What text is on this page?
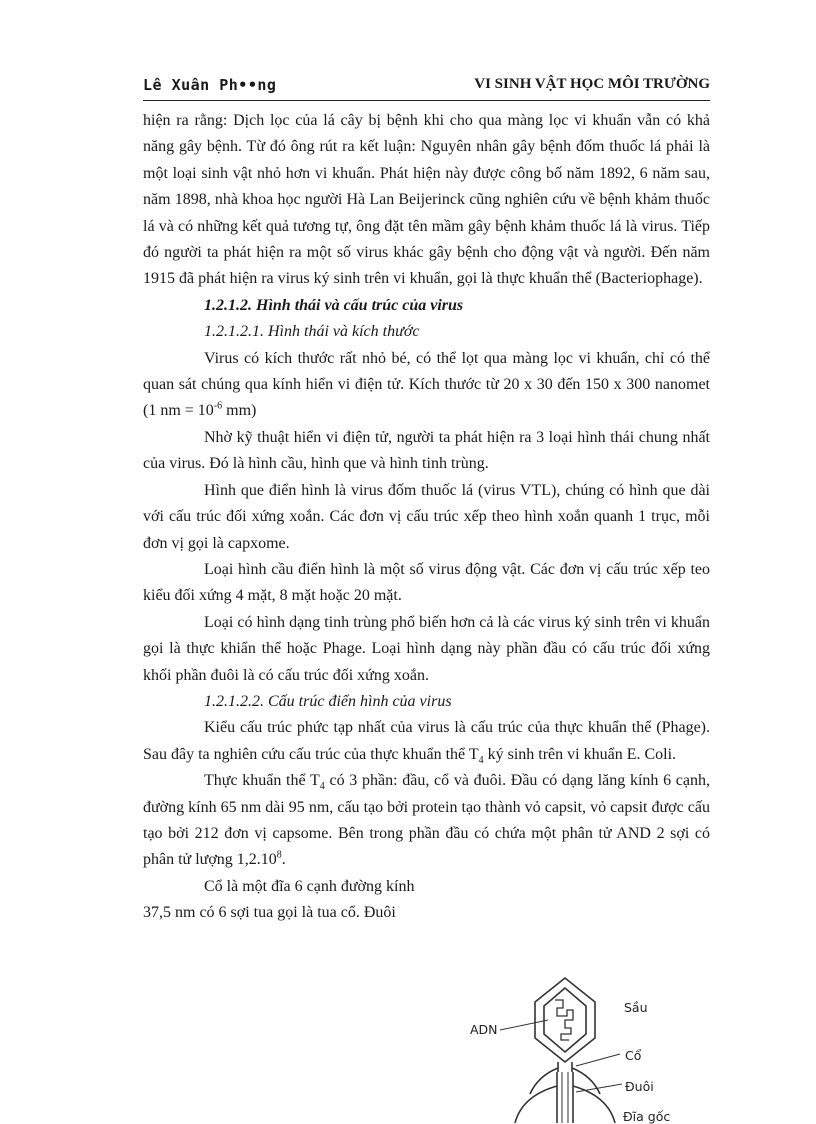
Lê Xuân Ph••ng	VI SINH VẬT HỌC MÔI TRƯỜNG

hiện ra rằng: Dịch lọc của lá cây bị bệnh khi cho qua màng lọc vi khuẩn vẫn có khả năng gây bệnh. Từ đó ông rút ra kết luận: Nguyên nhân gây bệnh đốm thuốc lá phải là một loại sinh vật nhỏ hơn vi khuẩn. Phát hiện này được công bố năm 1892, 6 năm sau, năm 1898, nhà khoa học người Hà Lan Beijerinck cũng nghiên cứu về bệnh khảm thuốc lá và có những kết quả tương tự, ông đặt tên mầm gây bệnh khảm thuốc lá là virus. Tiếp đó người ta phát hiện ra một số virus khác gây bệnh cho động vật và người. Đến năm 1915 đã phát hiện ra virus ký sinh trên vi khuẩn, gọi là thực khuẩn thể (Bacteriophage).

1.2.1.2. Hình thái và cấu trúc của virus

1.2.1.2.1. Hình thái và kích thước

Virus có kích thước rất nhỏ bé, có thể lọt qua màng lọc vi khuẩn, chỉ có thể quan sát chúng qua kính hiển vi điện tử. Kích thước từ 20 x 30 đến 150 x 300 nanomet (1 nm = $10^{-6}$ mm)

Nhờ kỹ thuật hiển vi điện tử, người ta phát hiện ra 3 loại hình thái chung nhất của virus. Đó là hình cầu, hình que và hình tinh trùng.

Hình que điển hình là virus đốm thuốc lá (virus VTL), chúng có hình que dài với cấu trúc đối xứng xoắn. Các đơn vị cấu trúc xếp theo hình xoắn quanh 1 trục, mỗi đơn vị gọi là capxome.

Loại hình cầu điển hình là một số virus động vật. Các đơn vị cấu trúc xếp teo kiểu đối xứng 4 mặt, 8 mặt hoặc 20 mặt.

Loại có hình dạng tinh trùng phổ biến hơn cả là các virus ký sinh trên vi khuẩn gọi là thực khiẩn thể hoặc Phage. Loại hình dạng này phần đầu có cấu trúc đối xứng khối phần đuôi là có cấu trúc đối xứng xoắn.

1.2.1.2.2. Cấu trúc điển hình của virus

Kiểu cấu trúc phức tạp nhất của virus là cấu trúc của thực khuẩn thể (Phage). Sau đây ta nghiên cứu cấu trúc của thực khuẩn thể $T_4$ ký sinh trên vi khuẩn E. Coli.

Thực khuẩn thể $T_4$ có 3 phần: đầu, cổ và đuôi. Đầu có dạng lăng kính 6 cạnh, đường kính 65 nm dài 95 nm, cấu tạo bởi protein tạo thành vỏ capsit, vỏ capsit được cấu tạo bởi 212 đơn vị capsome. Bên trong phần đầu có chứa một phân tử AND 2 sợi có phân tử lượng 1,2.10$^8$.

Cổ là một đĩa 6 cạnh đường kính

37,5 nm có 6 sợi tua gọi là tua cổ. Đuôi

ADN
Sầu
Cổ
Đuôi
Đĩa gốc
